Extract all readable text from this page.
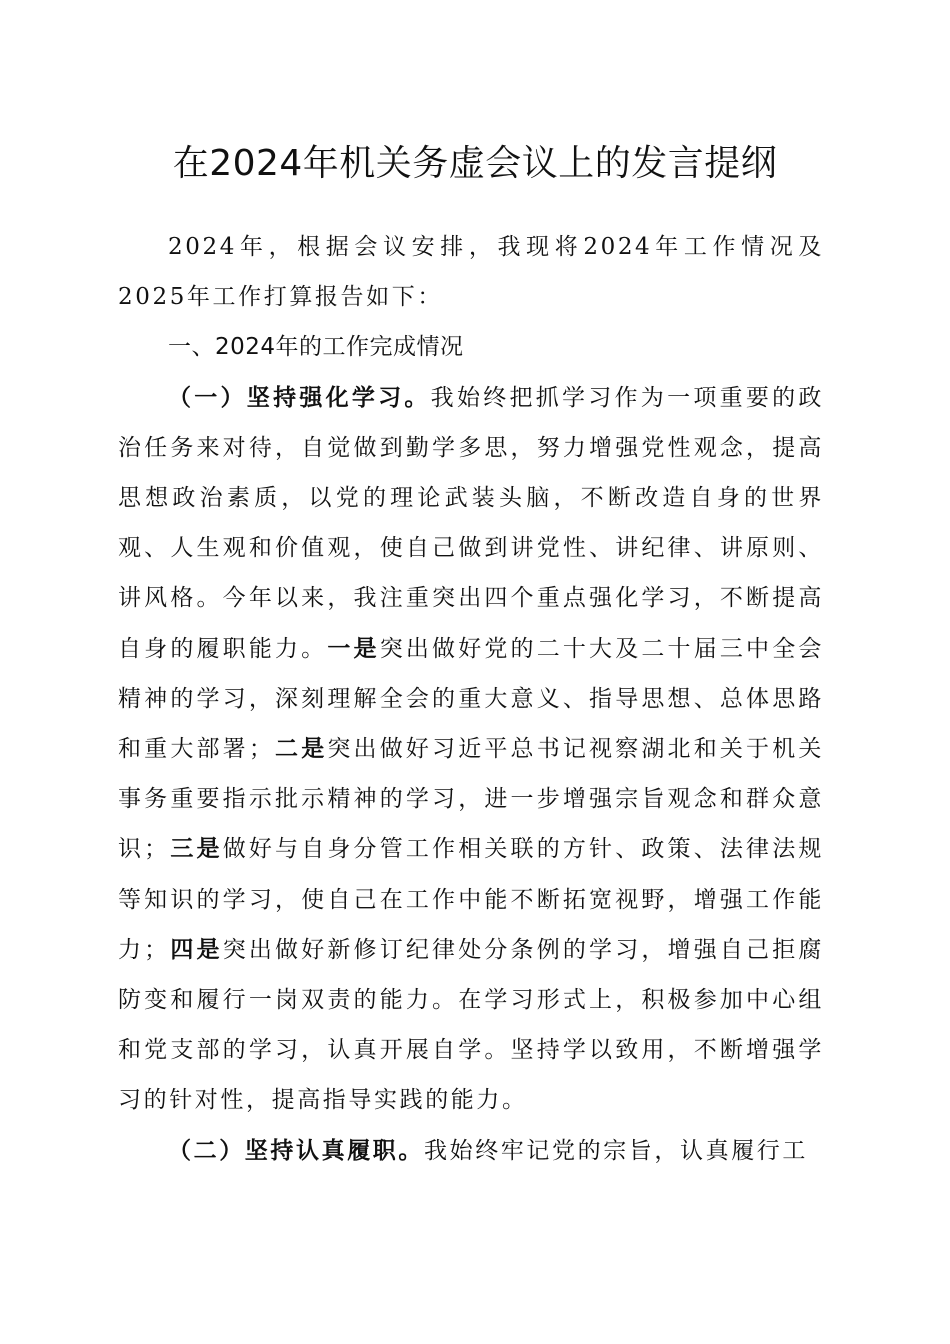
在2024年机关务虚会议上的发言提纲

2024年，根据会议安排，我现将2024年工作情况及2025年工作打算报告如下：

一、2024年的工作完成情况

（一）坚持强化学习。我始终把抓学习作为一项重要的政治任务来对待，自觉做到勤学多思，努力增强党性观念，提高思想政治素质，以党的理论武装头脑，不断改造自身的世界观、人生观和价值观，使自己做到讲党性、讲纪律、讲原则、讲风格。今年以来，我注重突出四个重点强化学习，不断提高自身的履职能力。一是突出做好党的二十大及二十届三中全会精神的学习，深刻理解全会的重大意义、指导思想、总体思路和重大部署；二是突出做好习近平总书记视察湖北和关于机关事务重要指示批示精神的学习，进一步增强宗旨观念和群众意识；三是做好与自身分管工作相关联的方针、政策、法律法规等知识的学习，使自己在工作中能不断拓宽视野，增强工作能力；四是突出做好新修订纪律处分条例的学习，增强自己拒腐防变和履行一岗双责的能力。在学习形式上，积极参加中心组和党支部的学习，认真开展自学。坚持学以致用，不断增强学习的针对性，提高指导实践的能力。

（二）坚持认真履职。我始终牢记党的宗旨，认真履行工
